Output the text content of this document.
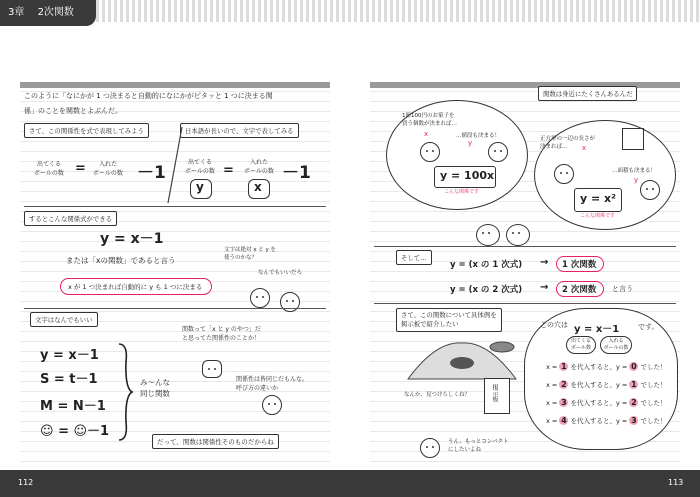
3章 2次関数
このように「なにかが 1 つ決まると自動的になにかがピタッと 1 つに決まる関
係」のことを関数とよぶんだ。
さて、この関係性を式で表現してみよう	日本語が長いので、文字で表してみる
出てくる
ボールの数 =	入れた
ボールの数 －1
出てくる
ボールの数
y
=
入れた
ボールの数
x
－1
するとこんな関係式ができる
y = x－1
または「xの関数」であると言う
文字は絶対 x と y を
使うのかな？
なんでもいいだろ
x が 1 つ決まれば自動的に y も 1 つに決まる
文字はなんでもいい
y = x－1
S = t－1
M = N－1
☺ = ☺－1
み～んな
同じ関数
関数って「x と y のやつ」だ
と思ってた関係性のことか！
関係性は皆同じだもんな。
呼び方の違いか
だって、関数は関係性そのものだからね
関数は身近にたくさんあるんだ
1冊100円のお菓子を
買う個数が決まれば…
x	…値段も決まる！
y
y = 100x
こんな関係です
正方形の一辺の長さが
決まれば…	x
…面積も決まる！
y
y = x²
こんな関係です
そして…
y = (x の 1 次式) → 1 次関数
y = (x の 2 次式) → 2 次関数 と言う
さて、この関数について具体例を
掲示板で紹介したい
掲示板
なんか、見つけらしくね？
うん、もっとコンパクト
にしたいよね
この穴は y = x－1	です。
出てくる
ボール数
入れる
ボールの数
x = 1 を代入すると、y = 0 でした！
x = 2 を代入すると、y = 1 でした！
x = 3 を代入すると、y = 2 でした！
x = 4 を代入すると、y = 3 でした！
112	113
